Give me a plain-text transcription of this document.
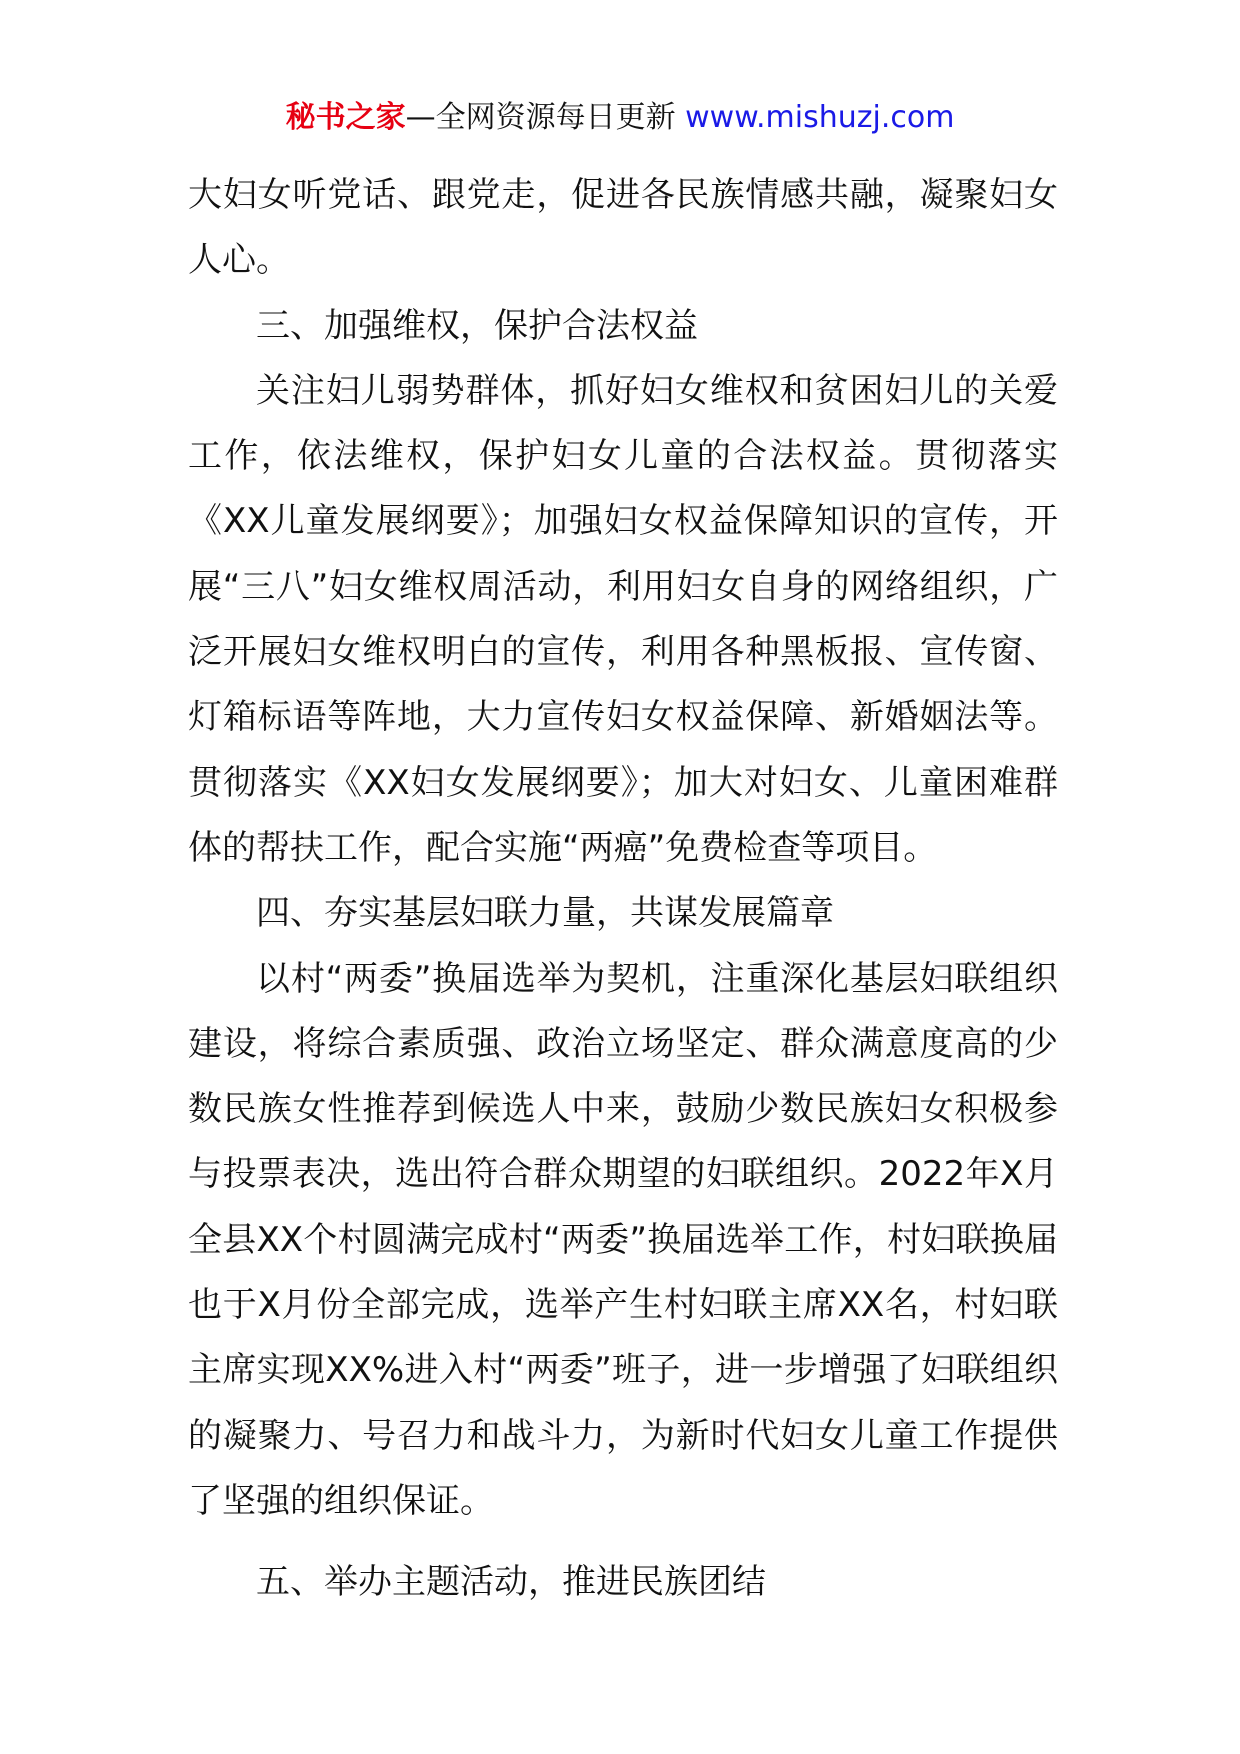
秘书之家—全网资源每日更新 www.mishuzj.com

大妇女听党话、跟党走，促进各民族情感共融，凝聚妇女人心。

三、加强维权，保护合法权益

关注妇儿弱势群体，抓好妇女维权和贫困妇儿的关爱工作，依法维权，保护妇女儿童的合法权益。贯彻落实《XX儿童发展纲要》；加强妇女权益保障知识的宣传，开展“三八”妇女维权周活动，利用妇女自身的网络组织，广泛开展妇女维权明白的宣传，利用各种黑板报、宣传窗、灯箱标语等阵地，大力宣传妇女权益保障、新婚姻法等。贯彻落实《XX妇女发展纲要》；加大对妇女、儿童困难群体的帮扶工作，配合实施“两癌”免费检查等项目。

四、夯实基层妇联力量，共谋发展篇章

以村“两委”换届选举为契机，注重深化基层妇联组织建设，将综合素质强、政治立场坚定、群众满意度高的少数民族女性推荐到候选人中来，鼓励少数民族妇女积极参与投票表决，选出符合群众期望的妇联组织。2022年X月全县XX个村圆满完成村“两委”换届选举工作，村妇联换届也于X月份全部完成，选举产生村妇联主席XX名，村妇联主席实现XX%进入村“两委”班子，进一步增强了妇联组织的凝聚力、号召力和战斗力，为新时代妇女儿童工作提供了坚强的组织保证。

五、举办主题活动，推进民族团结
